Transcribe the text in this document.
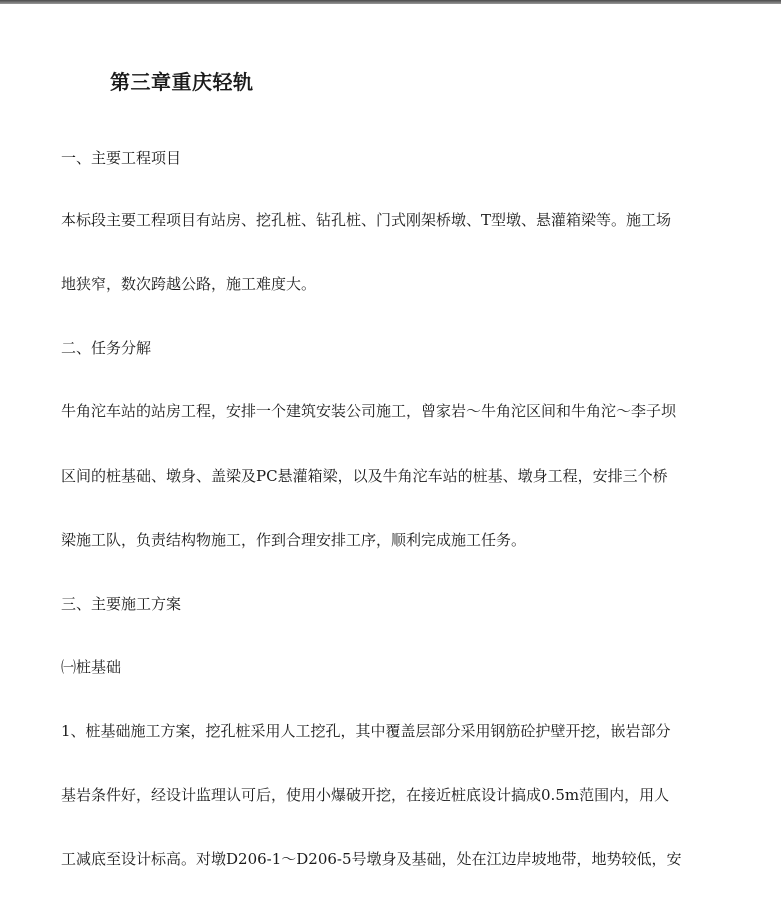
第三章重庆轻轨

一、主要工程项目

本标段主要工程项目有站房、挖孔桩、钻孔桩、门式刚架桥墩、T型墩、悬灌箱梁等。施工场

地狭窄，数次跨越公路，施工难度大。

二、任务分解

牛角沱车站的站房工程，安排一个建筑安装公司施工，曾家岩～牛角沱区间和牛角沱～李子坝

区间的桩基础、墩身、盖梁及PC悬灌箱梁，以及牛角沱车站的桩基、墩身工程，安排三个桥

梁施工队，负责结构物施工，作到合理安排工序，顺利完成施工任务。

三、主要施工方案

㈠桩基础

1、桩基础施工方案，挖孔桩采用人工挖孔，其中覆盖层部分采用钢筋砼护壁开挖，嵌岩部分

基岩条件好，经设计监理认可后，使用小爆破开挖，在接近桩底设计搞成0.5m范围内，用人

工减底至设计标高。对墩D206-1～D206-5号墩身及基础，处在江边岸坡地带，地势较低，安
